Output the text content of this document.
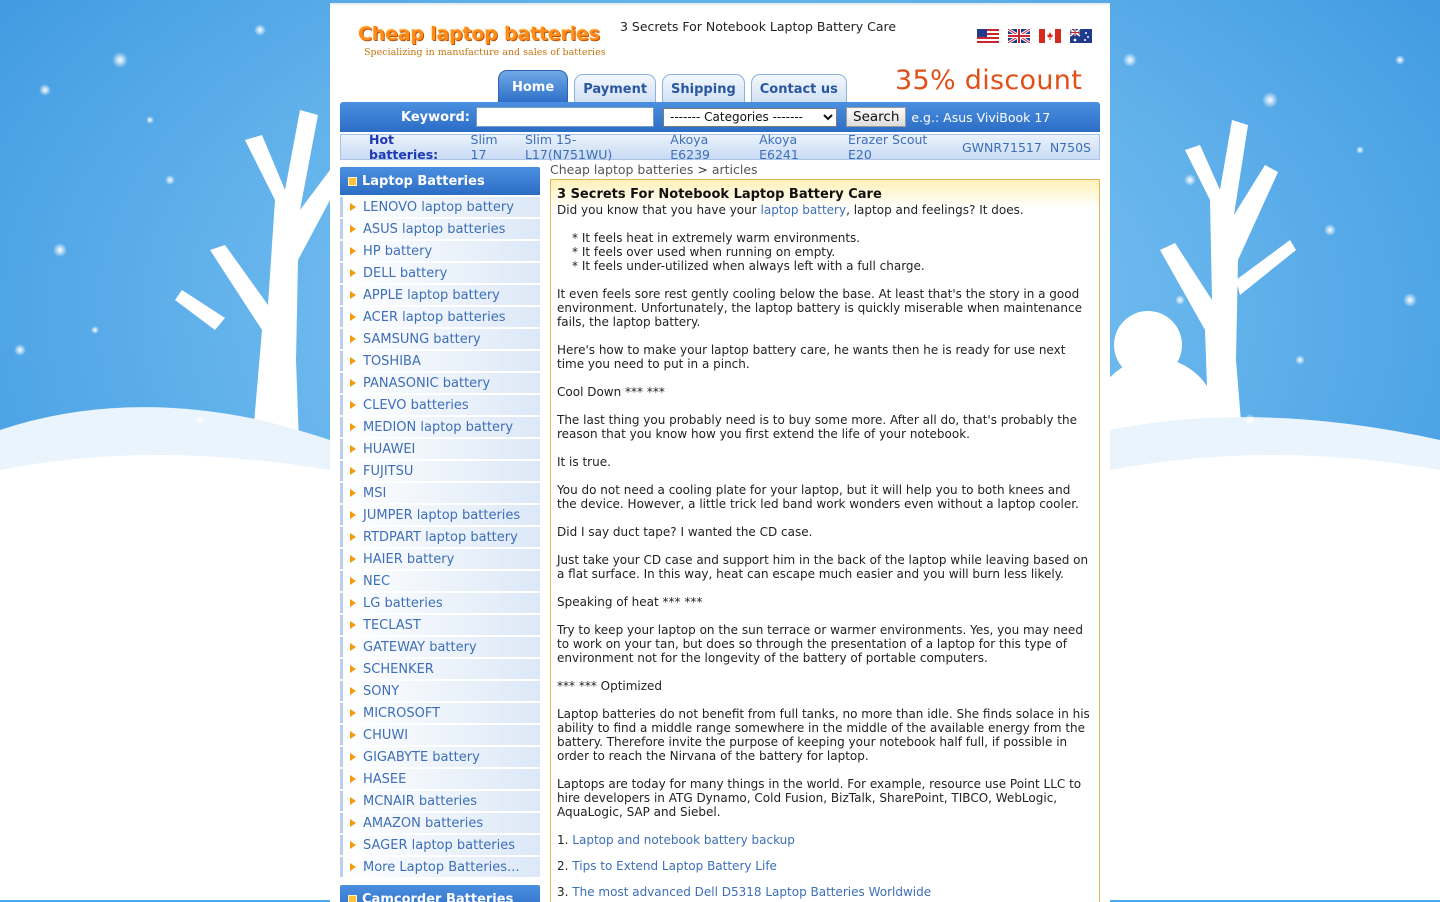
Cheap laptop batteries
Specializing in manufacture and sales of batteries
3 Secrets For Notebook Laptop Battery Care
Home	Payment	Shipping	Contact us	35% discount
Keyword:
------- Categories -------	Search e.g.: Asus ViviBook 17
Hot batteries:
Slim 17
Slim 15-L17(N751WU)
Akoya E6239
Akoya E6241
Erazer Scout E20	GWNR71517 N750S
Laptop Batteries
LENOVO laptop battery
ASUS laptop batteries
HP battery
DELL battery
APPLE laptop battery
ACER laptop batteries
SAMSUNG battery
TOSHIBA
PANASONIC battery
CLEVO batteries
MEDION laptop battery
HUAWEI
FUJITSU
MSI
JUMPER laptop batteries
RTDPART laptop battery
HAIER battery
NEC
LG batteries
TECLAST
GATEWAY battery
SCHENKER
SONY
MICROSOFT
CHUWI
GIGABYTE battery
HASEE
MCNAIR batteries
AMAZON batteries
SAGER laptop batteries
More Laptop Batteries...
Camcorder Batteries
Cheap laptop batteries > articles
3 Secrets For Notebook Laptop Battery Care

Did you know that you have your laptop battery, laptop and feelings? It does.

* It feels heat in extremely warm environments.
* It feels over used when running on empty.
* It feels under-utilized when always left with a full charge.

It even feels sore rest gently cooling below the base. At least that's the story in a good environment. Unfortunately, the laptop battery is quickly miserable when maintenance fails, the laptop battery.

Here's how to make your laptop battery care, he wants then he is ready for use next time you need to put in a pinch.

Cool Down *** ***

The last thing you probably need is to buy some more. After all do, that's probably the reason that you know how you first extend the life of your notebook.

It is true.

You do not need a cooling plate for your laptop, but it will help you to both knees and the device. However, a little trick led band work wonders even without a laptop cooler.

Did I say duct tape? I wanted the CD case.

Just take your CD case and support him in the back of the laptop while leaving based on a flat surface. In this way, heat can escape much easier and you will burn less likely.

Speaking of heat *** ***

Try to keep your laptop on the sun terrace or warmer environments. Yes, you may need to work on your tan, but does so through the presentation of a laptop for this type of environment not for the longevity of the battery of portable computers.

*** *** Optimized

Laptop batteries do not benefit from full tanks, no more than idle. She finds solace in his ability to find a middle range somewhere in the middle of the available energy from the battery. Therefore invite the purpose of keeping your notebook half full, if possible in order to reach the Nirvana of the battery for laptop.

Laptops are today for many things in the world. For example, resource use Point LLC to hire developers in ATG Dynamo, Cold Fusion, BizTalk, SharePoint, TIBCO, WebLogic, AquaLogic, SAP and Siebel.

1. Laptop and notebook battery backup
2. Tips to Extend Laptop Battery Life
3. The most advanced Dell D5318 Laptop Batteries Worldwide
